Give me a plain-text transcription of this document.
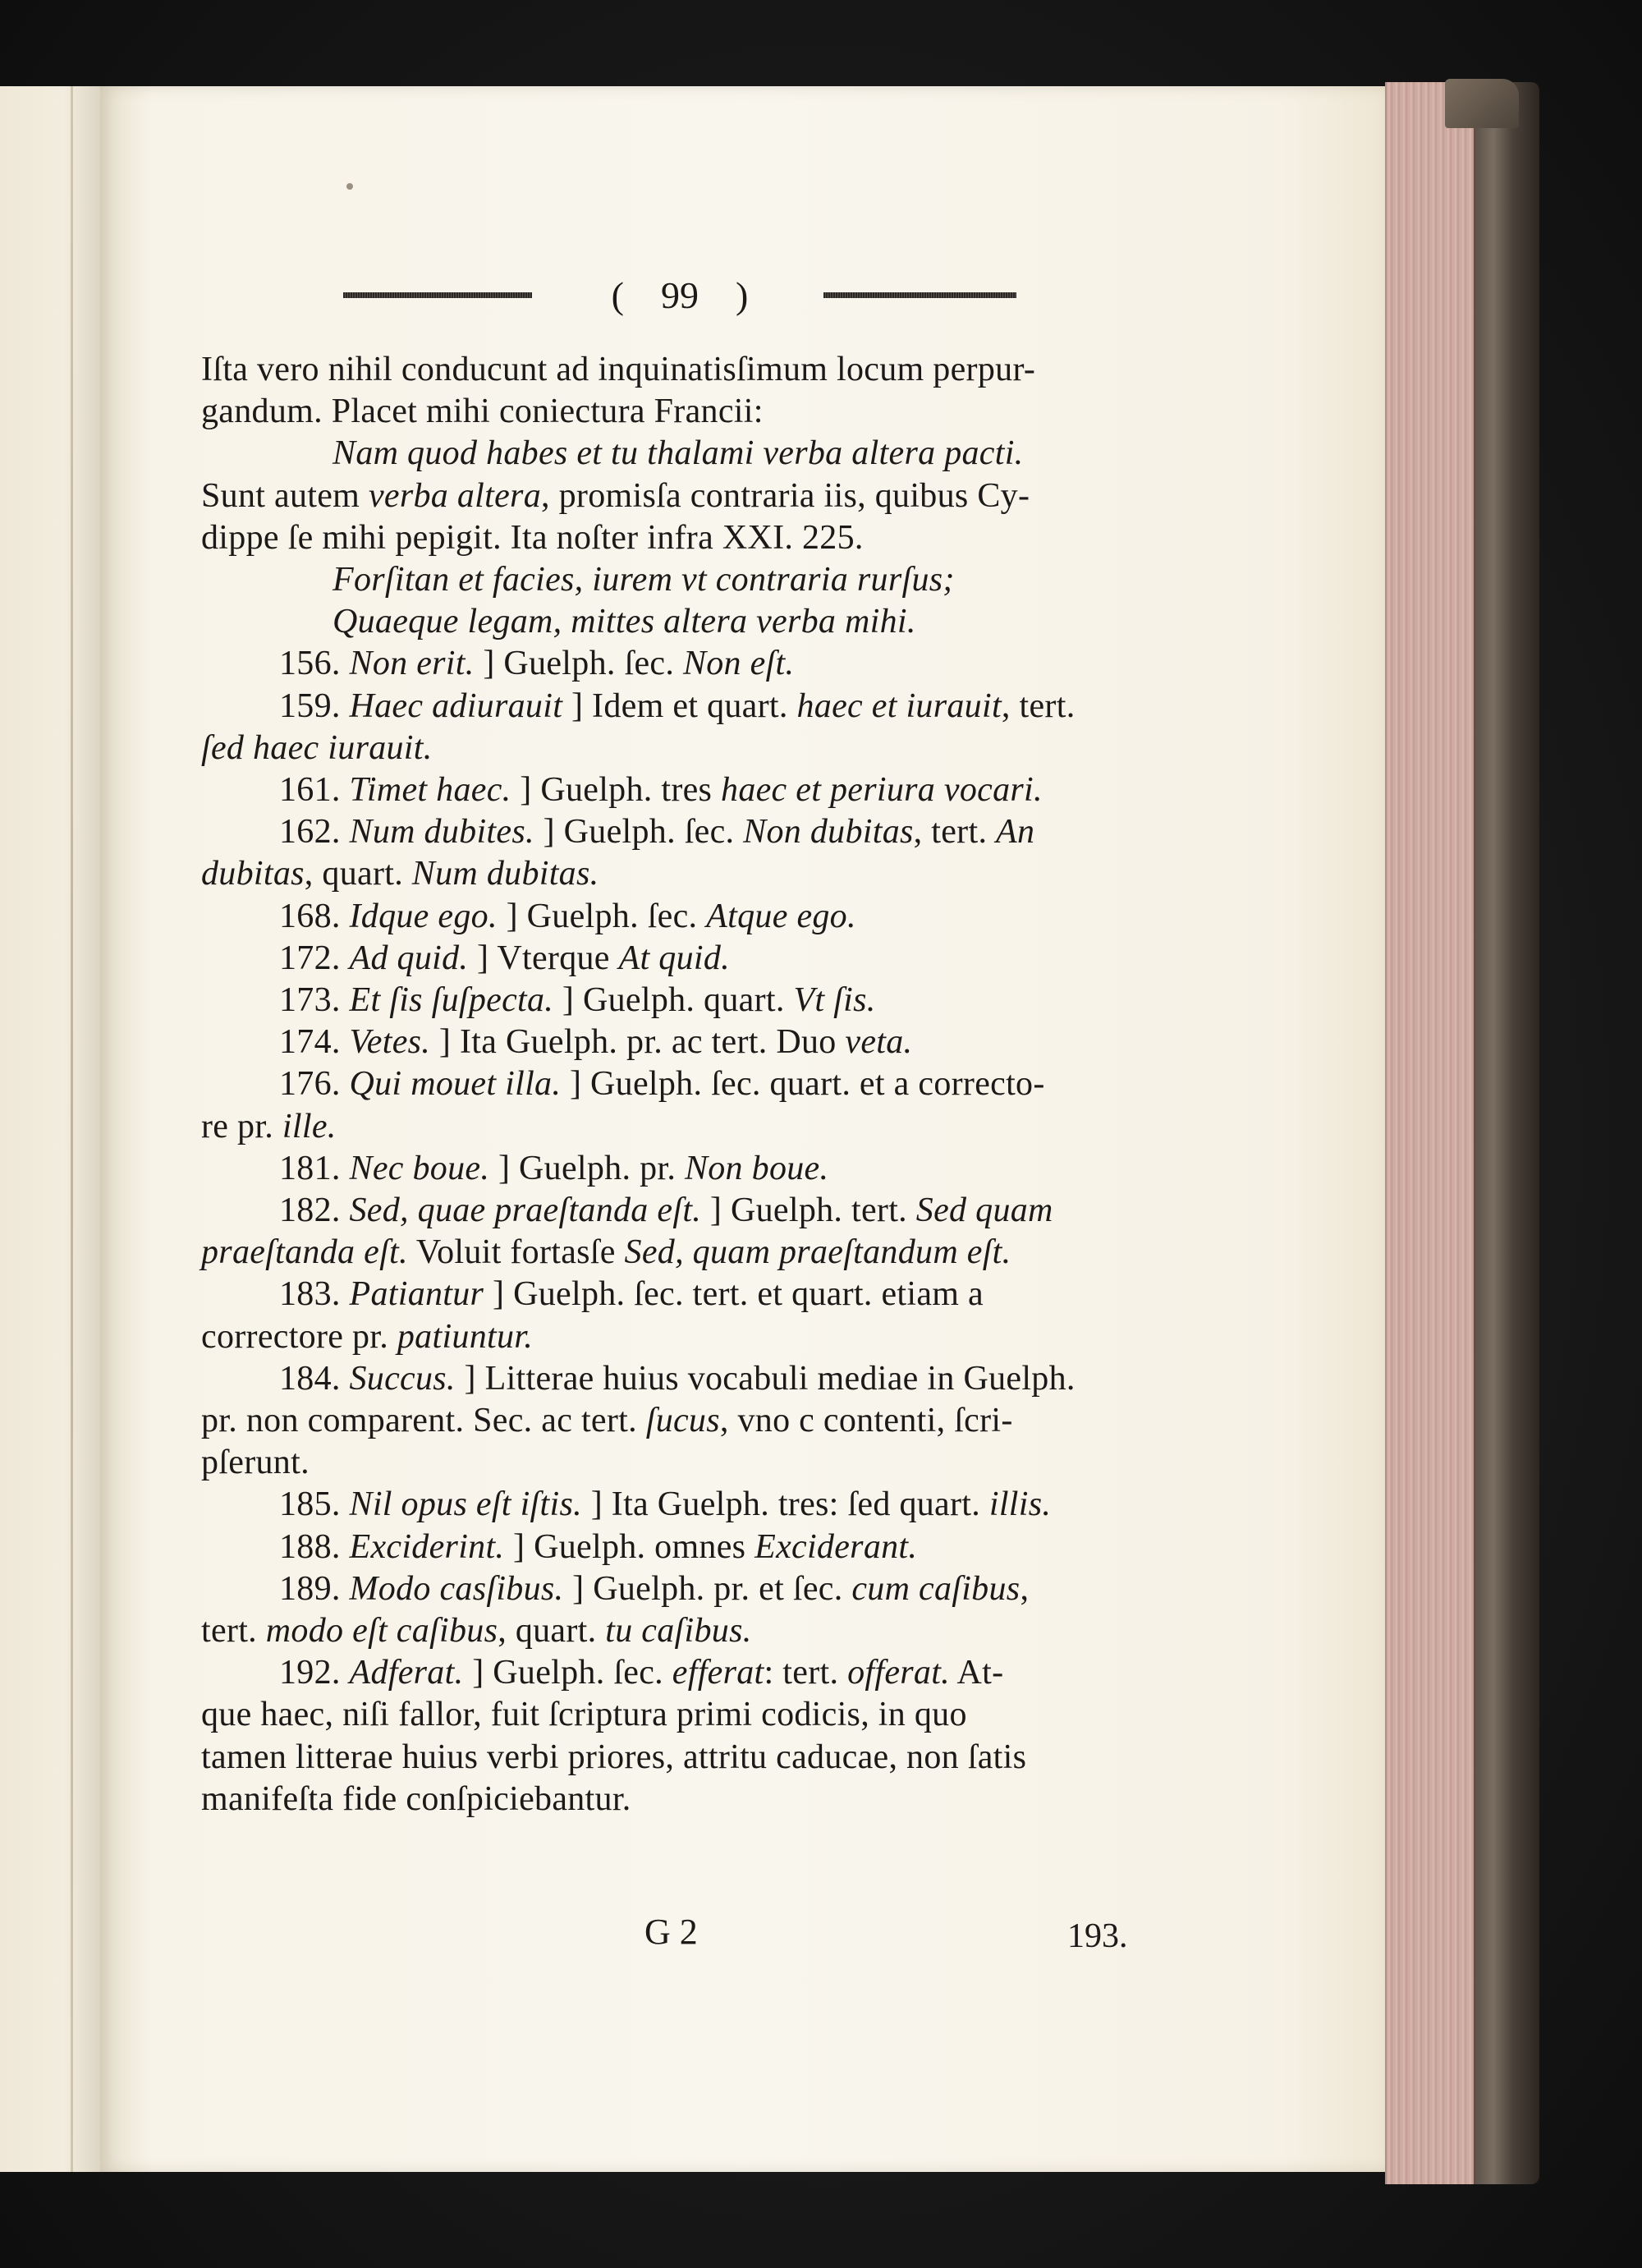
( 99 )
Iſta vero nihil conducunt ad inquinatisſimum locum perpur-
gandum. Placet mihi coniectura Francii:
Nam quod habes et tu thalami verba altera pacti.
Sunt autem verba altera, promisſa contraria iis, quibus Cy-
dippe ſe mihi pepigit. Ita noſter infra XXI. 225.
Forſitan et facies, iurem vt contraria rurſus;
Quaeque legam, mittes altera verba mihi.
156. Non erit. ] Guelph. ſec. Non eſt.
159. Haec adiurauit ] Idem et quart. haec et iurauit, tert.
ſed haec iurauit.
161. Timet haec. ] Guelph. tres haec et periura vocari.
162. Num dubites. ] Guelph. ſec. Non dubitas, tert. An
dubitas, quart. Num dubitas.
168. Idque ego. ] Guelph. ſec. Atque ego.
172. Ad quid. ] Vterque At quid.
173. Et ſis ſuſpecta. ] Guelph. quart. Vt ſis.
174. Vetes. ] Ita Guelph. pr. ac tert. Duo veta.
176. Qui mouet illa. ] Guelph. ſec. quart. et a correcto-
re pr. ille.
181. Nec boue. ] Guelph. pr. Non boue.
182. Sed, quae praeſtanda eſt. ] Guelph. tert. Sed quam
praeſtanda eſt. Voluit fortasſe Sed, quam praeſtandum eſt.
183. Patiantur ] Guelph. ſec. tert. et quart. etiam a
correctore pr. patiuntur.
184. Succus. ] Litterae huius vocabuli mediae in Guelph.
pr. non comparent. Sec. ac tert. ſucus, vno c contenti, ſcri-
pſerunt.
185. Nil opus eſt iſtis. ] Ita Guelph. tres: ſed quart. illis.
188. Exciderint. ] Guelph. omnes Exciderant.
189. Modo casſibus. ] Guelph. pr. et ſec. cum caſibus,
tert. modo eſt caſibus, quart. tu caſibus.
192. Adferat. ] Guelph. ſec. efferat: tert. offerat. At-
que haec, niſi fallor, fuit ſcriptura primi codicis, in quo
tamen litterae huius verbi priores, attritu caducae, non ſatis
manifeſta fide conſpiciebantur.
G 2	193.
